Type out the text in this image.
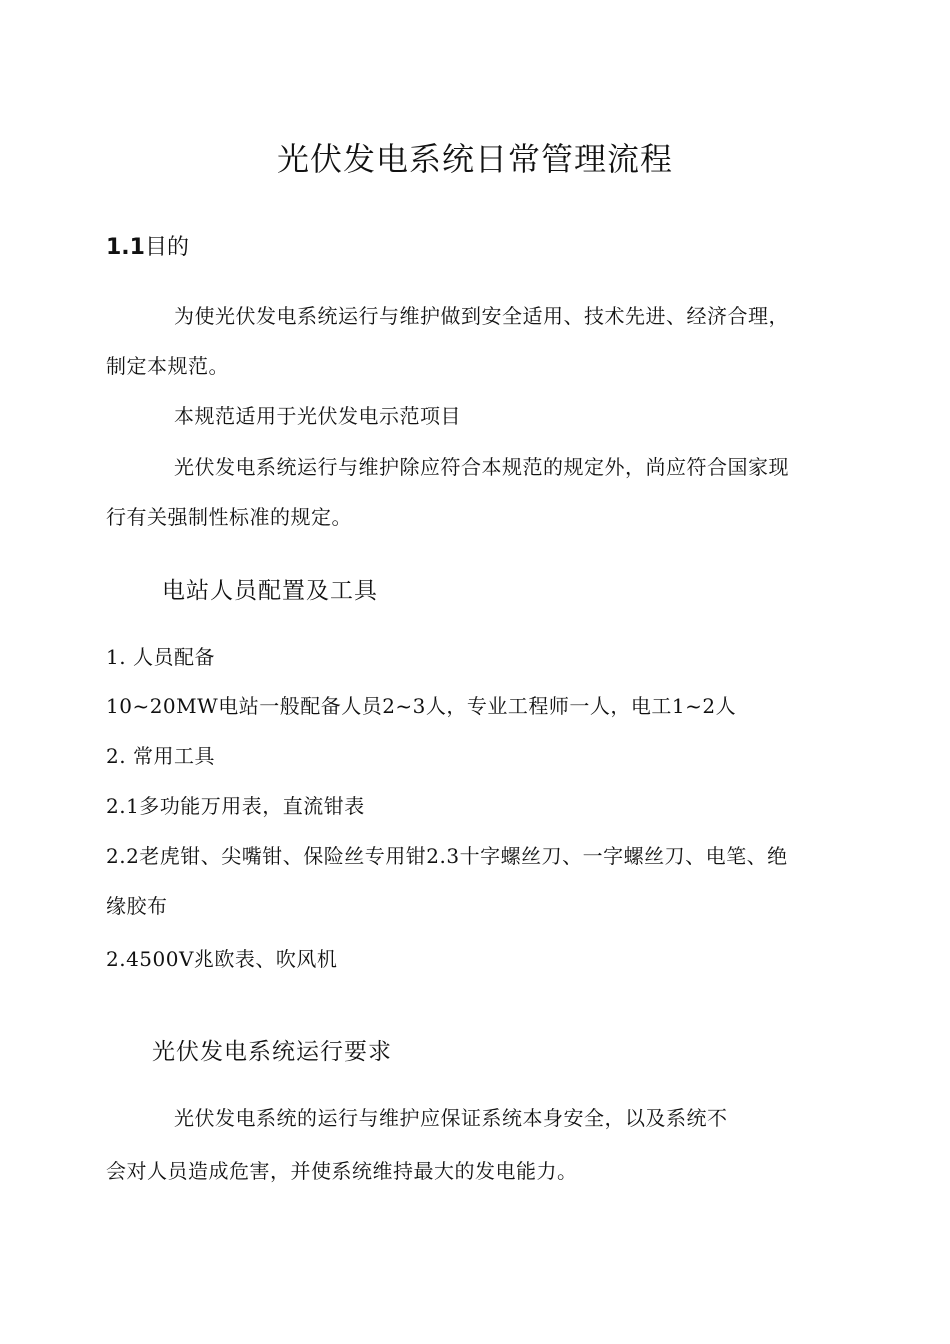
光伏发电系统日常管理流程
1.1目的

为使光伏发电系统运行与维护做到安全适用、技术先进、经济合理，

制定本规范。

本规范适用于光伏发电示范项目

光伏发电系统运行与维护除应符合本规范的规定外，尚应符合国家现

行有关强制性标准的规定。

电站人员配置及工具

1. 人员配备

10~20MW电站一般配备人员2~3人，专业工程师一人，电工1~2人

2. 常用工具

2.1多功能万用表，直流钳表

2.2老虎钳、尖嘴钳、保险丝专用钳2.3十字螺丝刀、一字螺丝刀、电笔、绝

缘胶布

2.4500V兆欧表、吹风机

光伏发电系统运行要求

光伏发电系统的运行与维护应保证系统本身安全，以及系统不

会对人员造成危害，并使系统维持最大的发电能力。
